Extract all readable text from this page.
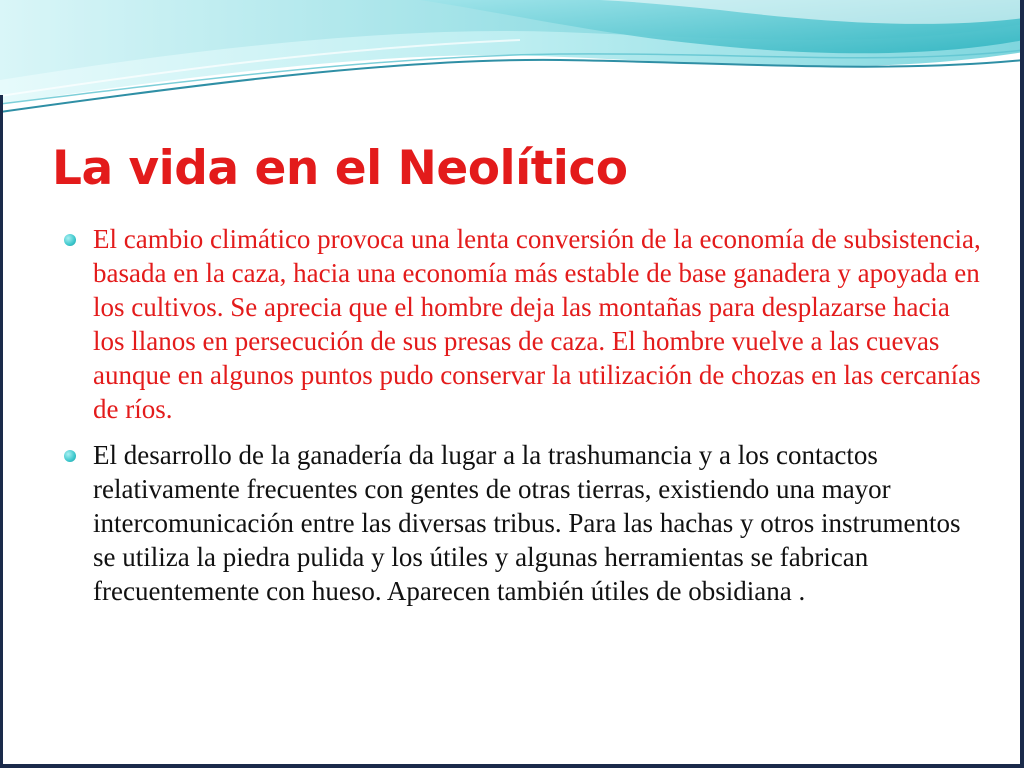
La vida en el Neolítico

El cambio climático provoca una lenta conversión de la economía de subsistencia, basada en la caza, hacia una economía más estable de base ganadera y apoyada en los cultivos. Se aprecia que el hombre deja las montañas para desplazarse hacia los llanos en persecución de sus presas de caza. El hombre vuelve a las cuevas aunque en algunos puntos pudo conservar la utilización de chozas en las cercanías de ríos.

El desarrollo de la ganadería da lugar a la trashumancia y a los contactos relativamente frecuentes con gentes de otras tierras, existiendo una mayor intercomunicación entre las diversas tribus. Para las hachas y otros instrumentos se utiliza la piedra pulida y los útiles y algunas herramientas se fabrican frecuentemente con hueso. Aparecen también útiles de obsidiana .
